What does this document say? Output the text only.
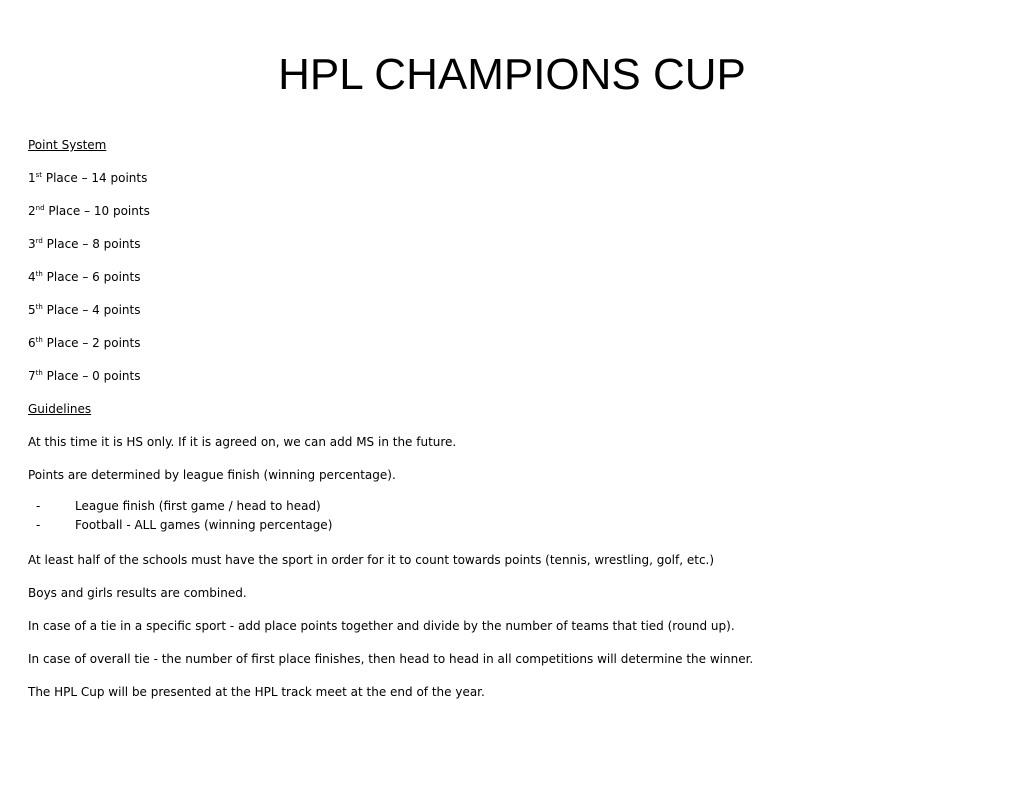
HPL CHAMPIONS CUP

Point System

1st Place – 14 points

2nd Place – 10 points

3rd Place – 8 points

4th Place – 6 points

5th Place – 4 points

6th Place – 2 points

7th Place – 0 points

Guidelines

At this time it is HS only. If it is agreed on, we can add MS in the future.

Points are determined by league finish (winning percentage).

-	League finish (first game / head to head)
-	Football - ALL games (winning percentage)

At least half of the schools must have the sport in order for it to count towards points (tennis, wrestling, golf, etc.)

Boys and girls results are combined.

In case of a tie in a specific sport - add place points together and divide by the number of teams that tied (round up).

In case of overall tie - the number of first place finishes, then head to head in all competitions will determine the winner.

The HPL Cup will be presented at the HPL track meet at the end of the year.
